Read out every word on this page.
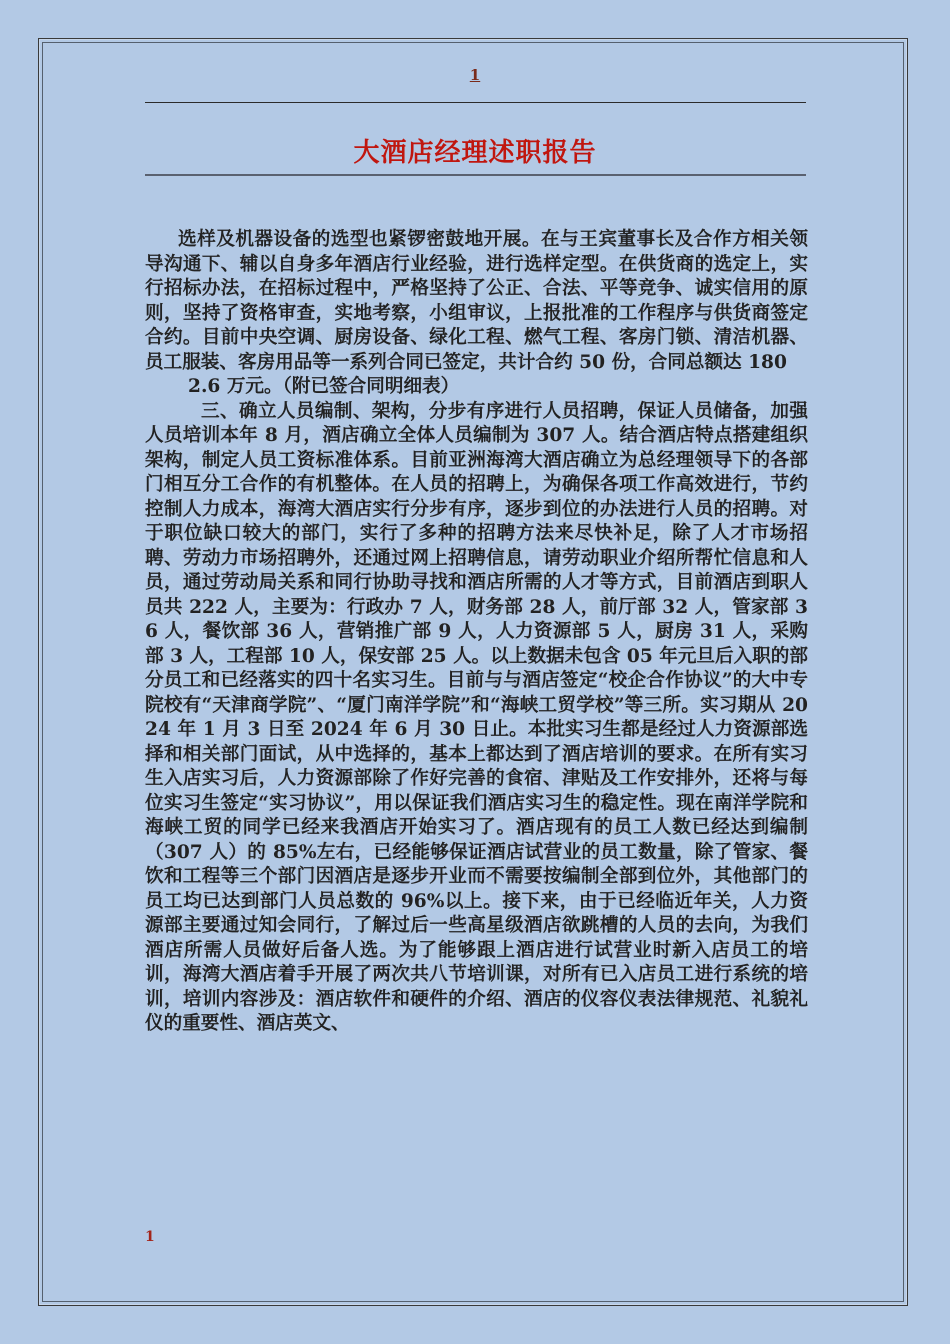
1
大酒店经理述职报告

选样及机器设备的选型也紧锣密鼓地开展。在与王宾董事长及合作方相关领导沟通下、辅以自身多年酒店行业经验，进行选样定型。在供货商的选定上，实行招标办法，在招标过程中，严格坚持了公正、合法、平等竞争、诚实信用的原则，坚持了资格审查，实地考察，小组审议，上报批准的工作程序与供货商签定合约。目前中央空调、厨房设备、绿化工程、燃气工程、客房门锁、清洁机器、员工服装、客房用品等一系列合同已签定，共计合约 50 份，合同总额达 180

2.6 万元。（附已签合同明细表）

三、确立人员编制、架构，分步有序进行人员招聘，保证人员储备，加强人员培训本年 8 月，酒店确立全体人员编制为 307 人。结合酒店特点搭建组织架构，制定人员工资标准体系。目前亚洲海湾大酒店确立为总经理领导下的各部门相互分工合作的有机整体。在人员的招聘上，为确保各项工作高效进行，节约控制人力成本，海湾大酒店实行分步有序，逐步到位的办法进行人员的招聘。对于职位缺口较大的部门，实行了多种的招聘方法来尽快补足，除了人才市场招聘、劳动力市场招聘外，还通过网上招聘信息，请劳动职业介绍所帮忙信息和人员，通过劳动局关系和同行协助寻找和酒店所需的人才等方式，目前酒店到职人员共 222 人，主要为：行政办 7 人，财务部 28 人，前厅部 32 人，管家部 36 人，餐饮部 36 人，营销推广部 9 人，人力资源部 5 人，厨房 31 人，采购部 3 人，工程部 10 人，保安部 25 人。以上数据未包含 05 年元旦后入职的部分员工和已经落实的四十名实习生。目前与与酒店签定“校企合作协议”的大中专院校有“天津商学院”、“厦门南洋学院”和“海峡工贸学校”等三所。实习期从 2024 年 1 月 3 日至 2024 年 6 月 30 日止。本批实习生都是经过人力资源部选择和相关部门面试，从中选择的，基本上都达到了酒店培训的要求。在所有实习生入店实习后，人力资源部除了作好完善的食宿、津贴及工作安排外，还将与每位实习生签定“实习协议”，用以保证我们酒店实习生的稳定性。现在南洋学院和海峡工贸的同学已经来我酒店开始实习了。酒店现有的员工人数已经达到编制（307 人）的 85%左右，已经能够保证酒店试营业的员工数量，除了管家、餐饮和工程等三个部门因酒店是逐步开业而不需要按编制全部到位外，其他部门的员工均已达到部门人员总数的 96%以上。接下来，由于已经临近年关，人力资源部主要通过知会同行，了解过后一些高星级酒店欲跳槽的人员的去向，为我们酒店所需人员做好后备人选。为了能够跟上酒店进行试营业时新入店员工的培训，海湾大酒店着手开展了两次共八节培训课，对所有已入店员工进行系统的培训，培训内容涉及：酒店软件和硬件的介绍、酒店的仪容仪表法律规范、礼貌礼仪的重要性、酒店英文、

1
